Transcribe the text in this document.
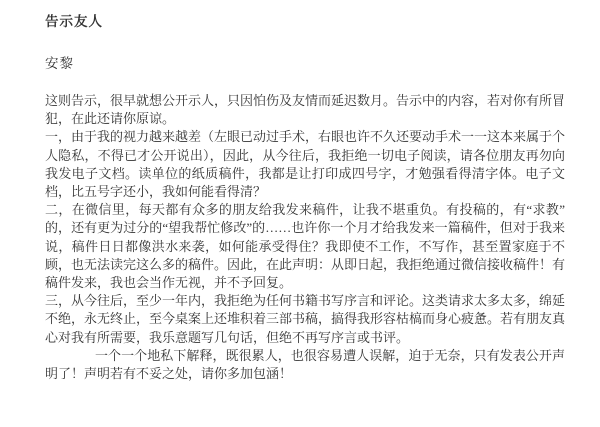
告示友人
安黎

这则告示，很早就想公开示人，只因怕伤及友情而延迟数月。告示中的内容，若对你有所冒犯，在此还请你原谅。

一，由于我的视力越来越差（左眼已动过手术，右眼也许不久还要动手术一一这本来属于个人隐私，不得已才公开说出），因此，从今往后，我拒绝一切电子阅读，请各位朋友再勿向我发电子文档。读单位的纸质稿件，我都是让打印成四号字，才勉强看得清字体。电子文档，比五号字还小，我如何能看得清？

二，在微信里，每天都有众多的朋友给我发来稿件，让我不堪重负。有投稿的，有“求教”的，还有更为过分的“望我帮忙修改”的……也许你一个月才给我发来一篇稿件，但对于我来说，稿件日日都像洪水来袭，如何能承受得住？我即使不工作，不写作，甚至置家庭于不顾，也无法读完这么多的稿件。因此，在此声明：从即日起，我拒绝通过微信接收稿件！有稿件发来，我也会当作无视，并不予回复。

三，从今往后，至少一年内，我拒绝为任何书籍书写序言和评论。这类请求太多太多，绵延不绝，永无终止，至今桌案上还堆积着三部书稿，搞得我形容枯槁而身心疲惫。若有朋友真心对我有所需要，我乐意题写几句话，但绝不再写序言或书评。

一个一个地私下解释，既很累人，也很容易遭人误解，迫于无奈，只有发表公开声明了！声明若有不妥之处，请你多加包涵！
